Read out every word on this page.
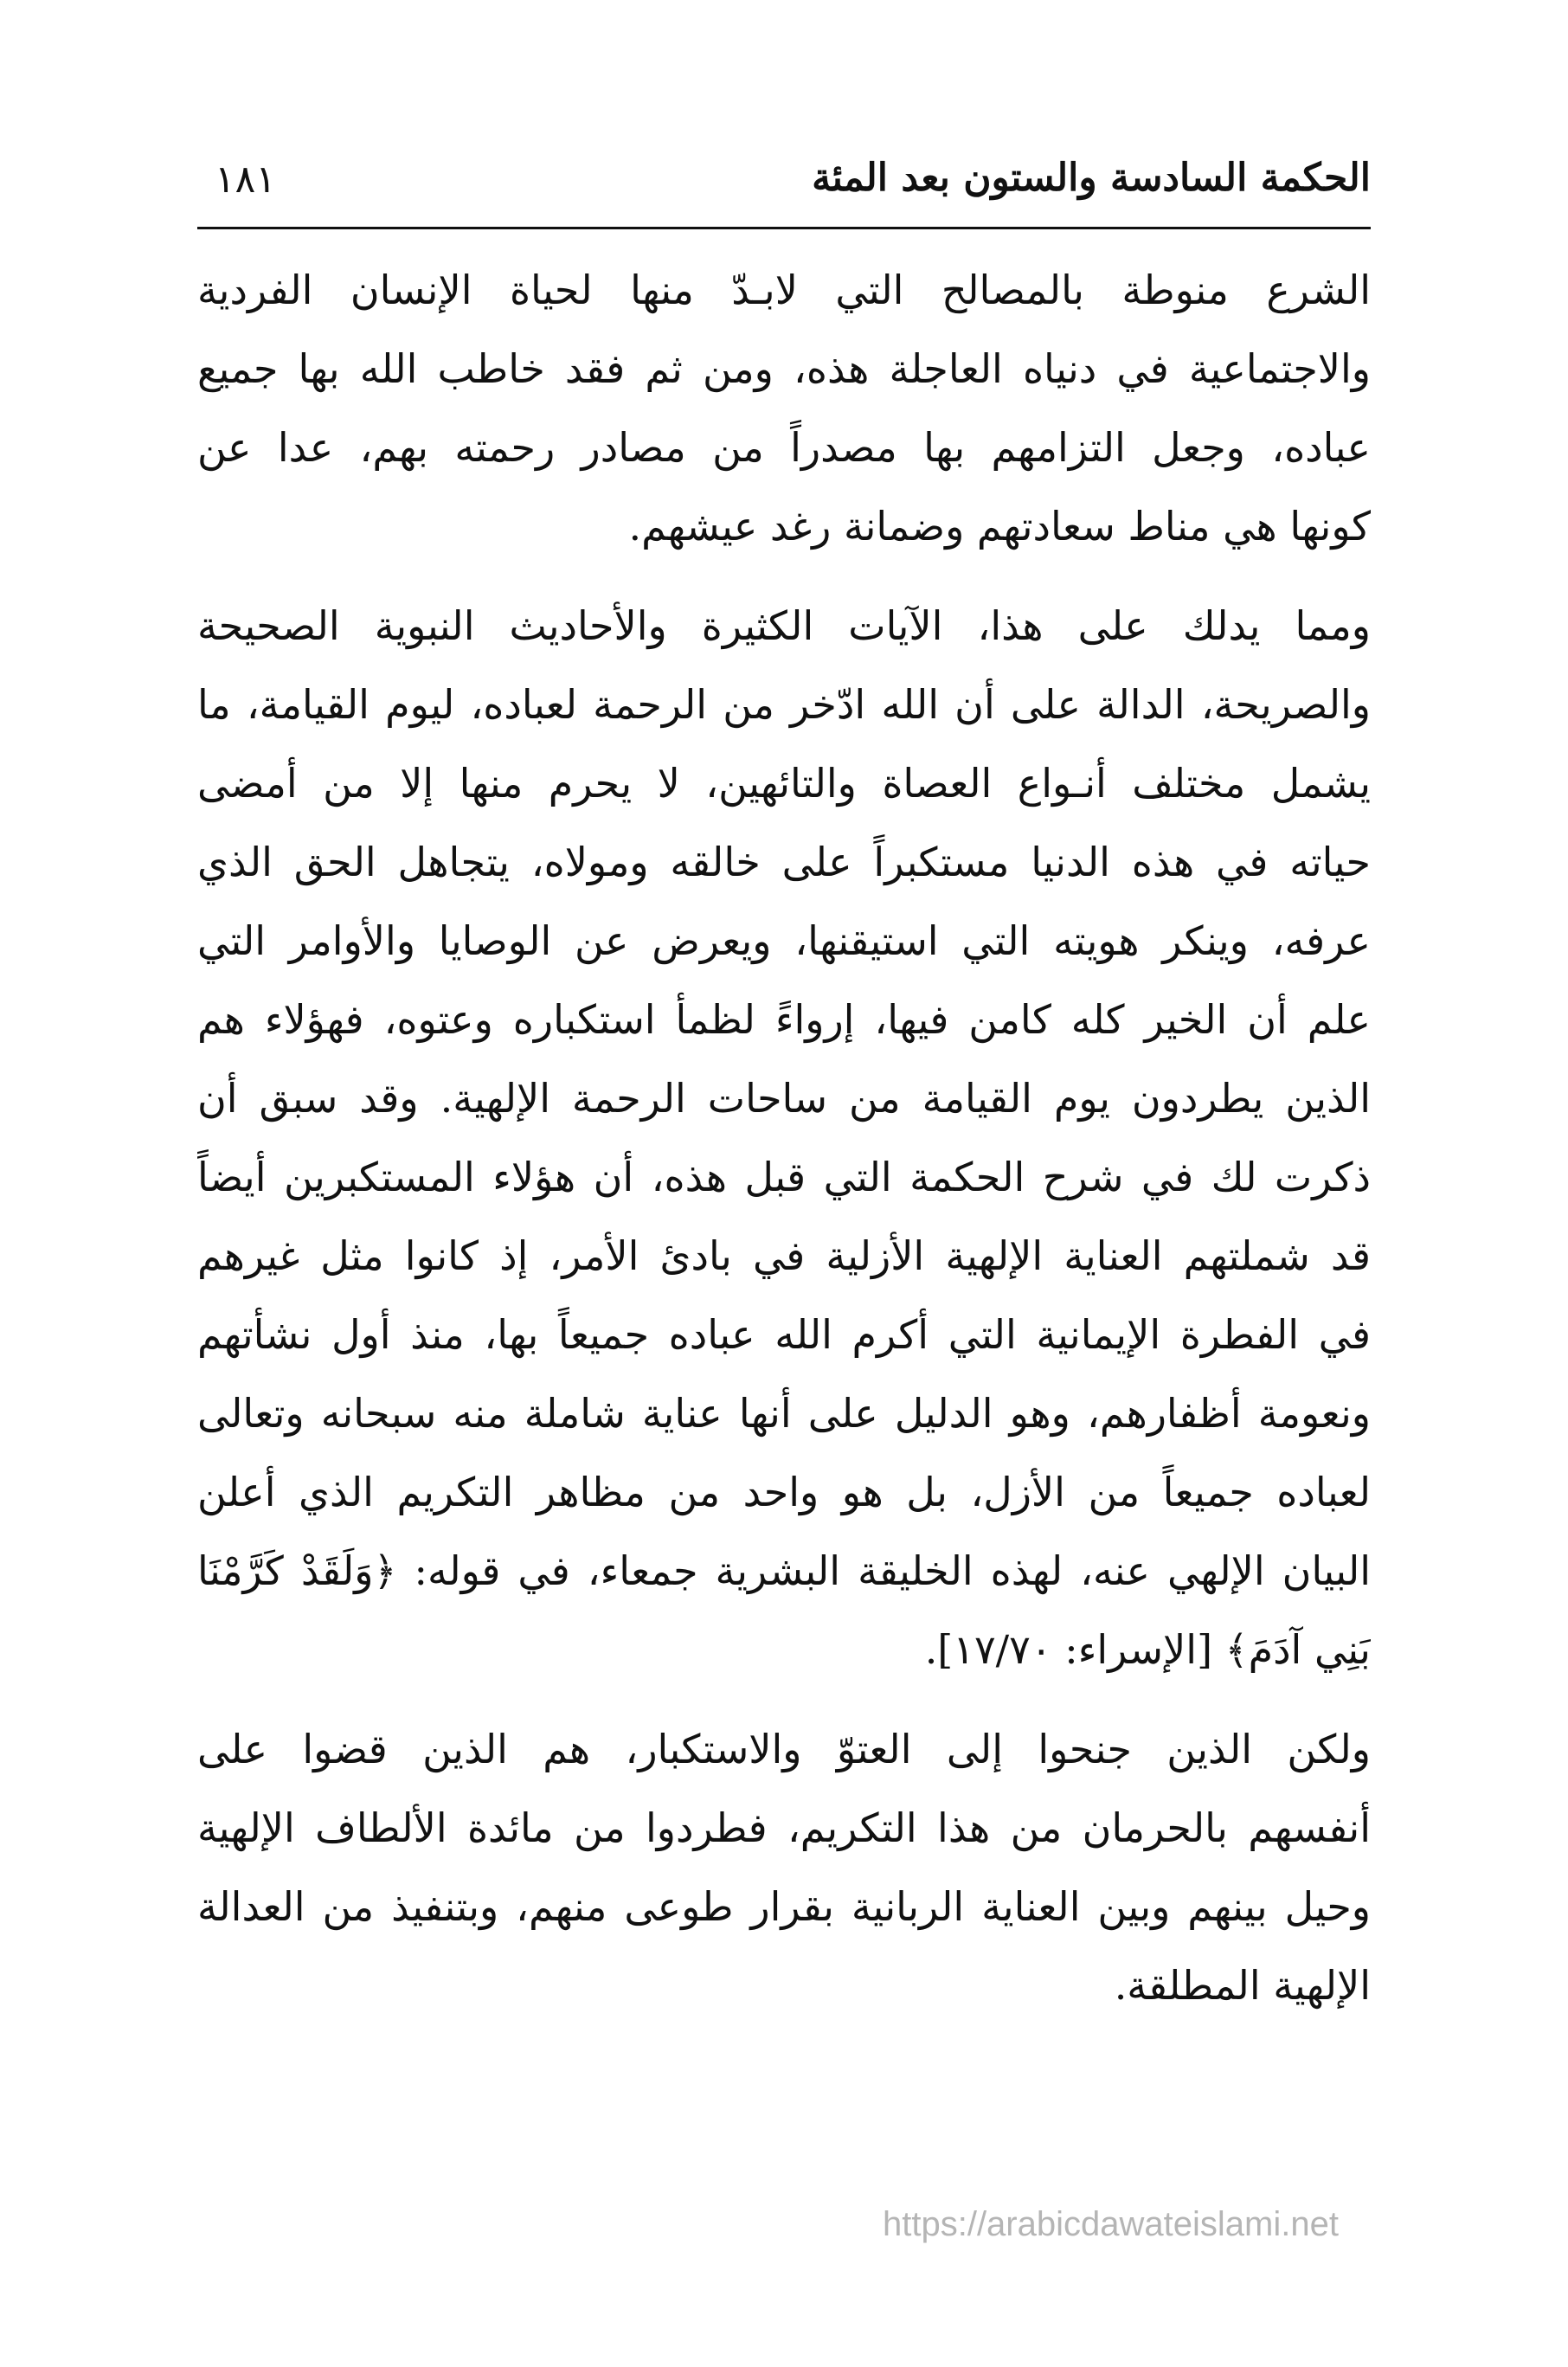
الحكمة السادسة والستون بعد المئة
١٨١
الشرع منوطة بالمصالح التي لابـدّ منها لحياة الإنسان الفردية
والاجتماعية في دنياه العاجلة هذه، ومن ثم فقد خاطب الله بها جميع
عباده، وجعل التزامهم بها مصدراً من مصادر رحمته بهم، عدا عن
كونها هي مناط سعادتهم وضمانة رغد عيشهم.
ومما يدلك على هذا، الآيات الكثيرة والأحاديث النبوية الصحيحة
والصريحة، الدالة على أن الله ادّخر من الرحمة لعباده، ليوم القيامة، ما
يشمل مختلف أنـواع العصاة والتائهين، لا يحرم منها إلا من أمضى
حياته في هذه الدنيا مستكبراً على خالقه ومولاه، يتجاهل الحق الذي
عرفه، وينكر هويته التي استيقنها، ويعرض عن الوصايا والأوامر التي
علم أن الخير كله كامن فيها، إرواءً لظمأ استكباره وعتوه، فهؤلاء هم
الذين يطردون يوم القيامة من ساحات الرحمة الإلهية. وقد سبق أن
ذكرت لك في شرح الحكمة التي قبل هذه، أن هؤلاء المستكبرين أيضاً
قد شملتهم العناية الإلهية الأزلية في بادئ الأمر، إذ كانوا مثل غيرهم
في الفطرة الإيمانية التي أكرم الله عباده جميعاً بها، منذ أول نشأتهم
ونعومة أظفارهم، وهو الدليل على أنها عناية شاملة منه سبحانه وتعالى
لعباده جميعاً من الأزل، بل هو واحد من مظاهر التكريم الذي أعلن
البيان الإلهي عنه، لهذه الخليقة البشرية جمعاء، في قوله: ﴿وَلَقَدْ كَرَّمْنَا
بَنِي آدَمَ﴾ [الإسراء: ١٧/٧٠].
ولكن الذين جنحوا إلى العتوّ والاستكبار، هم الذين قضوا على
أنفسهم بالحرمان من هذا التكريم، فطردوا من مائدة الألطاف الإلهية
وحيل بينهم وبين العناية الربانية بقرار طوعى منهم، وبتنفيذ من العدالة
الإلهية المطلقة.
https://arabicdawateislami.net
